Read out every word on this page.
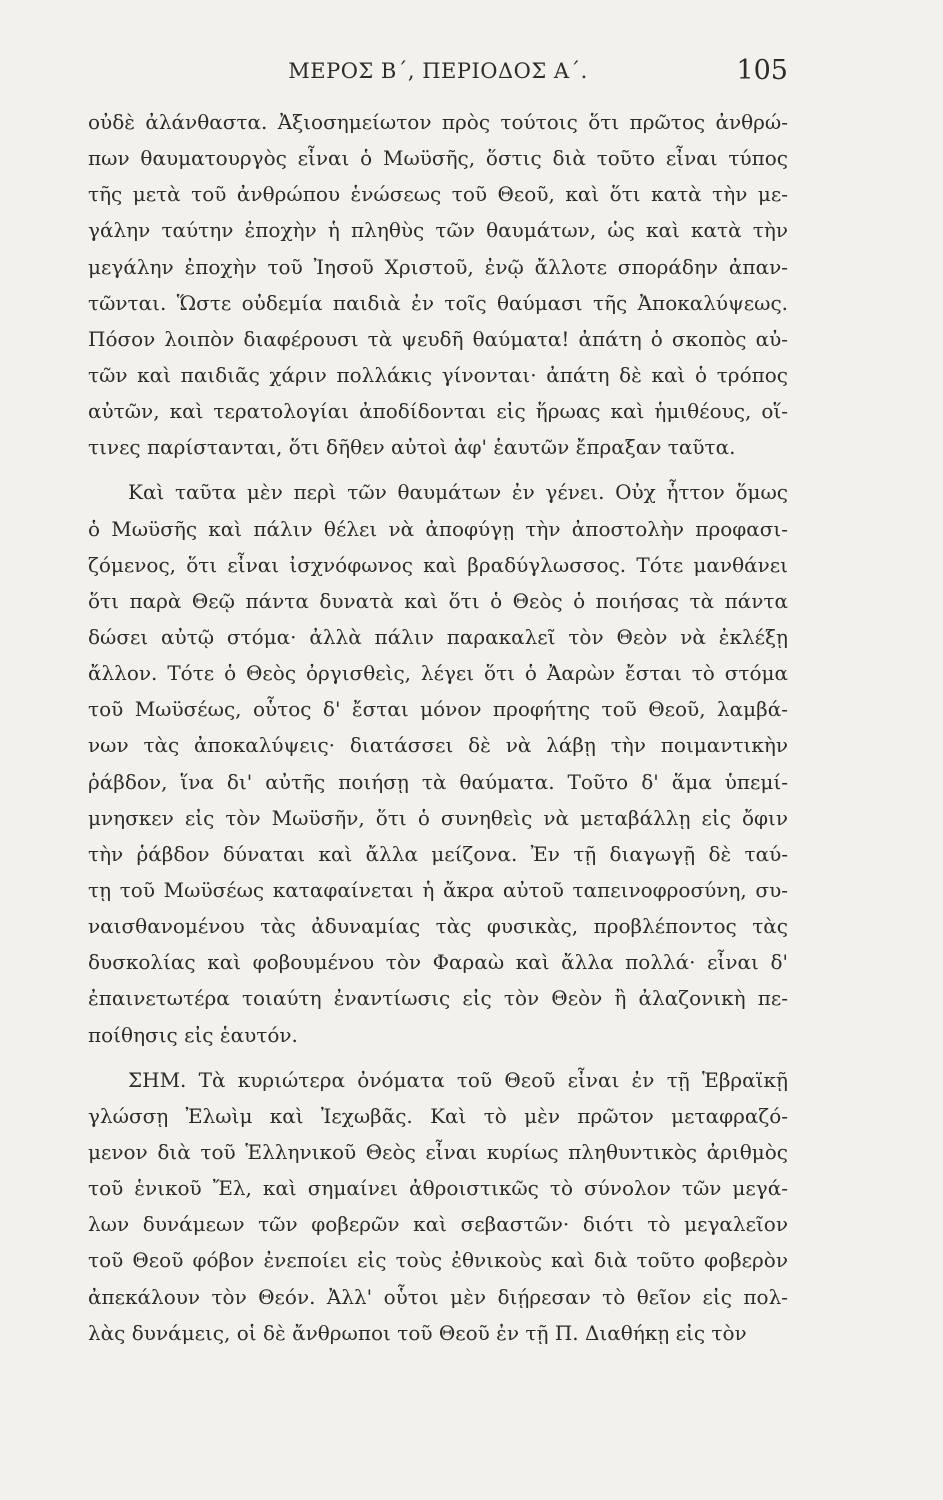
ΜΕΡΟΣ Β΄, ΠΕΡΙΟΔΟΣ Α΄.	105
οὐδὲ ἀλάνθαστα. Ἀξιοσημείωτον πρὸς τούτοις ὅτι πρῶτος ἀνθρώ-
πων θαυματουργὸς εἶναι ὁ Μωϋσῆς, ὅστις διὰ τοῦτο εἶναι τύπος
τῆς μετὰ τοῦ ἀνθρώπου ἑνώσεως τοῦ Θεοῦ, καὶ ὅτι κατὰ τὴν με-
γάλην ταύτην ἐποχὴν ἡ πληθὺς τῶν θαυμάτων, ὡς καὶ κατὰ τὴν
μεγάλην ἐποχὴν τοῦ Ἰησοῦ Χριστοῦ, ἐνῷ ἄλλοτε σποράδην ἀπαν-
τῶνται. Ὥστε οὐδεμία παιδιὰ ἐν τοῖς θαύμασι τῆς Ἀποκαλύψεως.
Πόσον λοιπὸν διαφέρουσι τὰ ψευδῆ θαύματα! ἀπάτη ὁ σκοπὸς αὐ-
τῶν καὶ παιδιᾶς χάριν πολλάκις γίνονται· ἀπάτη δὲ καὶ ὁ τρόπος
αὐτῶν, καὶ τερατολογίαι ἀποδίδονται εἰς ἥρωας καὶ ἡμιθέους, οἵ-
τινες παρίστανται, ὅτι δῆθεν αὐτοὶ ἀφ' ἑαυτῶν ἔπραξαν ταῦτα.
  Καὶ ταῦτα μὲν περὶ τῶν θαυμάτων ἐν γένει. Οὐχ ἧττον ὅμως
ὁ Μωϋσῆς καὶ πάλιν θέλει νὰ ἀποφύγῃ τὴν ἀποστολὴν προφασι-
ζόμενος, ὅτι εἶναι ἰσχνόφωνος καὶ βραδύγλωσσος. Τότε μανθάνει
ὅτι παρὰ Θεῷ πάντα δυνατὰ καὶ ὅτι ὁ Θεὸς ὁ ποιήσας τὰ πάντα
δώσει αὐτῷ στόμα· ἀλλὰ πάλιν παρακαλεῖ τὸν Θεὸν νὰ ἐκλέξῃ
ἄλλον. Τότε ὁ Θεὸς ὀργισθεὶς, λέγει ὅτι ὁ Ἀαρὼν ἔσται τὸ στόμα
τοῦ Μωϋσέως, οὗτος δ' ἔσται μόνον προφήτης τοῦ Θεοῦ, λαμβά-
νων τὰς ἀποκαλύψεις· διατάσσει δὲ νὰ λάβῃ τὴν ποιμαντικὴν
ῥάβδον, ἵνα δι' αὐτῆς ποιήσῃ τὰ θαύματα. Τοῦτο δ' ἅμα ὑπεμί-
μνησκεν εἰς τὸν Μωϋσῆν, ὅτι ὁ συνηθεὶς νὰ μεταβάλλῃ εἰς ὄφιν
τὴν ῥάβδον δύναται καὶ ἄλλα μείζονα. Ἐν τῇ διαγωγῇ δὲ ταύ-
τῃ τοῦ Μωϋσέως καταφαίνεται ἡ ἄκρα αὐτοῦ ταπεινοφροσύνη, συ-
ναισθανομένου τὰς ἀδυναμίας τὰς φυσικὰς, προβλέποντος τὰς
δυσκολίας καὶ φοβουμένου τὸν Φαραὼ καὶ ἄλλα πολλά· εἶναι δ'
ἐπαινετωτέρα τοιαύτη ἐναντίωσις εἰς τὸν Θεὸν ἢ ἀλαζονικὴ πε-
ποίθησις εἰς ἑαυτόν.
  ΣΗΜ. Τὰ κυριώτερα ὀνόματα τοῦ Θεοῦ εἶναι ἐν τῇ Ἑβραϊκῇ
γλώσσῃ Ἐλωὶμ καὶ Ἰεχωβᾶς. Καὶ τὸ μὲν πρῶτον μεταφραζό-
μενον διὰ τοῦ Ἑλληνικοῦ Θεὸς εἶναι κυρίως πληθυντικὸς ἀριθμὸς
τοῦ ἑνικοῦ Ἔλ, καὶ σημαίνει ἀθροιστικῶς τὸ σύνολον τῶν μεγά-
λων δυνάμεων τῶν φοβερῶν καὶ σεβαστῶν· διότι τὸ μεγαλεῖον
τοῦ Θεοῦ φόβον ἐνεποίει εἰς τοὺς ἐθνικοὺς καὶ διὰ τοῦτο φοβερὸν
ἀπεκάλουν τὸν Θεόν. Ἀλλ' οὗτοι μὲν διῄρεσαν τὸ θεῖον εἰς πολ-
λὰς δυνάμεις, οἱ δὲ ἄνθρωποι τοῦ Θεοῦ ἐν τῇ Π. Διαθήκῃ εἰς τὸν
